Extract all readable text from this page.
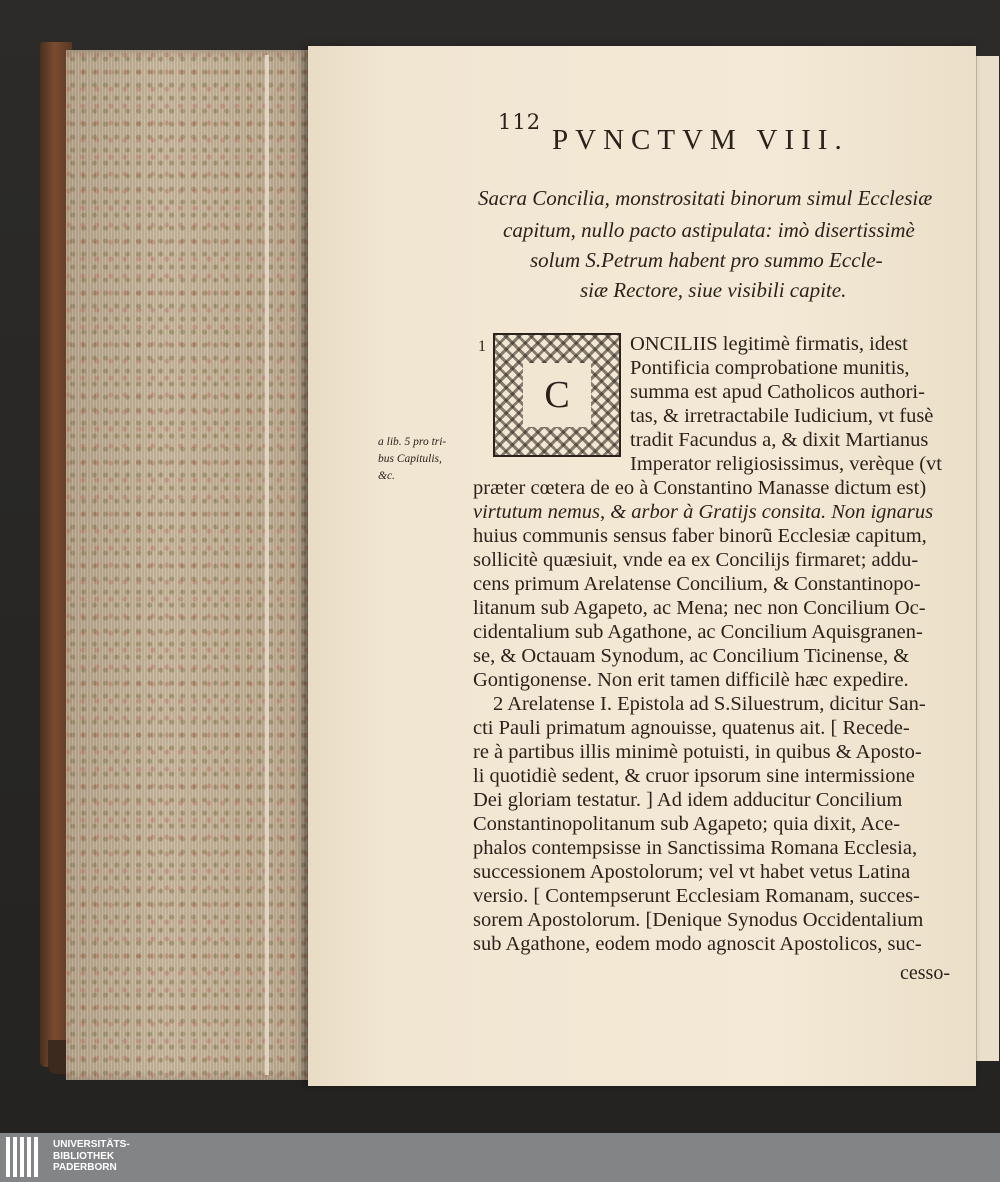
112
PVNCTVM VIII.
Sacra Concilia, monstrositati binorum simul Ecclesiæ
capitum, nullo pacto astipulata: imò disertissimè
solum S.Petrum habent pro summo Eccle-
siæ Rectore, siue visibili capite.
1
C
ONCILIIS legitimè firmatis, idest
Pontificia comprobatione munitis,
summa est apud Catholicos authori-
tas, & irretractabile Iudicium, vt fusè
tradit Facundus a, & dixit Martianus
Imperator religiosissimus, verèque (vt
præter cœtera de eo à Constantino Manasse dictum est)
virtutum nemus, & arbor à Gratijs consita. Non ignarus
huius communis sensus faber binorũ Ecclesiæ capitum,
sollicitè quæsiuit, vnde ea ex Concilijs firmaret; addu-
cens primum Arelatense Concilium, & Constantinopo-
litanum sub Agapeto, ac Mena; nec non Concilium Oc-
cidentalium sub Agathone, ac Concilium Aquisgranen-
se, & Octauam Synodum, ac Concilium Ticinense, &
Gontigonense. Non erit tamen difficilè hæc expedire.
2 Arelatense I. Epistola ad S.Siluestrum, dicitur San-
cti Pauli primatum agnouisse, quatenus ait. [ Recede-
re à partibus illis minimè potuisti, in quibus & Aposto-
li quotidiè sedent, & cruor ipsorum sine intermissione
Dei gloriam testatur. ] Ad idem adducitur Concilium
Constantinopolitanum sub Agapeto; quia dixit, Ace-
phalos contempsisse in Sanctissima Romana Ecclesia,
successionem Apostolorum; vel vt habet vetus Latina
versio. [ Contempserunt Ecclesiam Romanam, succes-
sorem Apostolorum. [Denique Synodus Occidentalium
sub Agathone, eodem modo agnoscit Apostolicos, suc-
cesso-
a lib. 5 pro tri-
bus Capitulis,
&c.
UNIVERSITÄTS-
BIBLIOTHEK
PADERBORN
